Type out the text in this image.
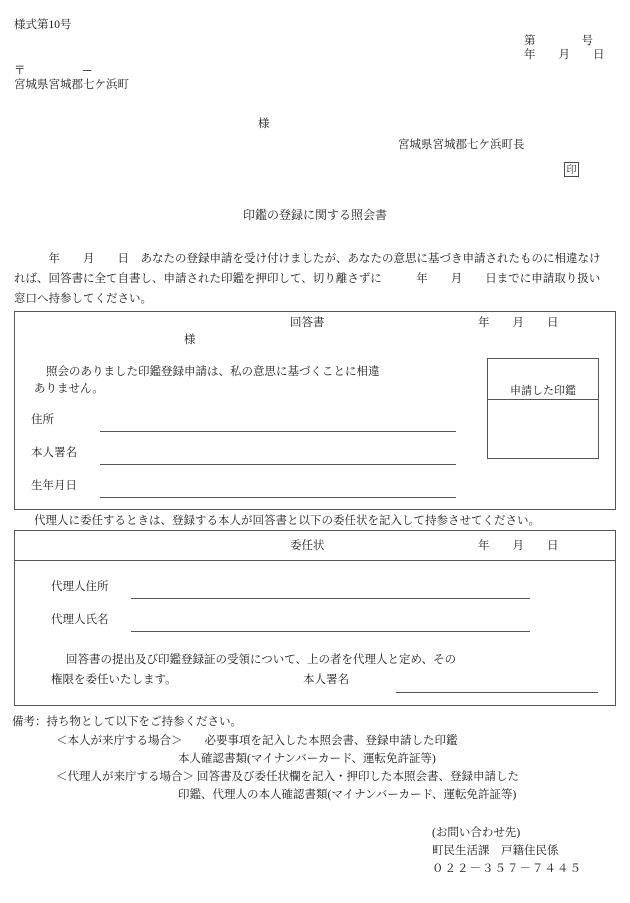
様式第10号
第　　　　号
年　　月　　日
〒　　　　　─
宮城県宮城郡七ケ浜町
様
宮城県宮城郡七ケ浜町長
印
印鑑の登録に関する照会書
　　　年　　月　　日　あなたの登録申請を受け付けましたが、あなたの意思に基づき申請されたものに相違なけ
れば、回答書に全て自書し、申請された印鑑を押印して、切り離さずに　　　年　　月　　日までに申請取り扱い
窓口へ持参してください。
回答書	年　　月　　日
様
照会のありました印鑑登録申請は、私の意思に基づくことに相違
ありません。
住所
本人署名
生年月日

申請した印鑑

代理人に委任するときは、登録する本人が回答書と以下の委任状を記入して持参させてください。
委任状	年　　月　　日
代理人住所
代理人氏名
回答書の提出及び印鑑登録証の受領について、上の者を代理人と定め、その
権限を委任いたします。	本人署名
備考：持ち物として以下をご持参ください。
＜本人が来庁する場合＞ 必要事項を記入した本照会書、登録申請した印鑑
本人確認書類(マイナンバーカード、運転免許証等)
＜代理人が来庁する場合＞ 回答書及び委任状欄を記入・押印した本照会書、登録申請した
印鑑、代理人の本人確認書類(マイナンバーカード、運転免許証等)
(お問い合わせ先)
町民生活課　戸籍住民係
０２２－３５７－７４４５
